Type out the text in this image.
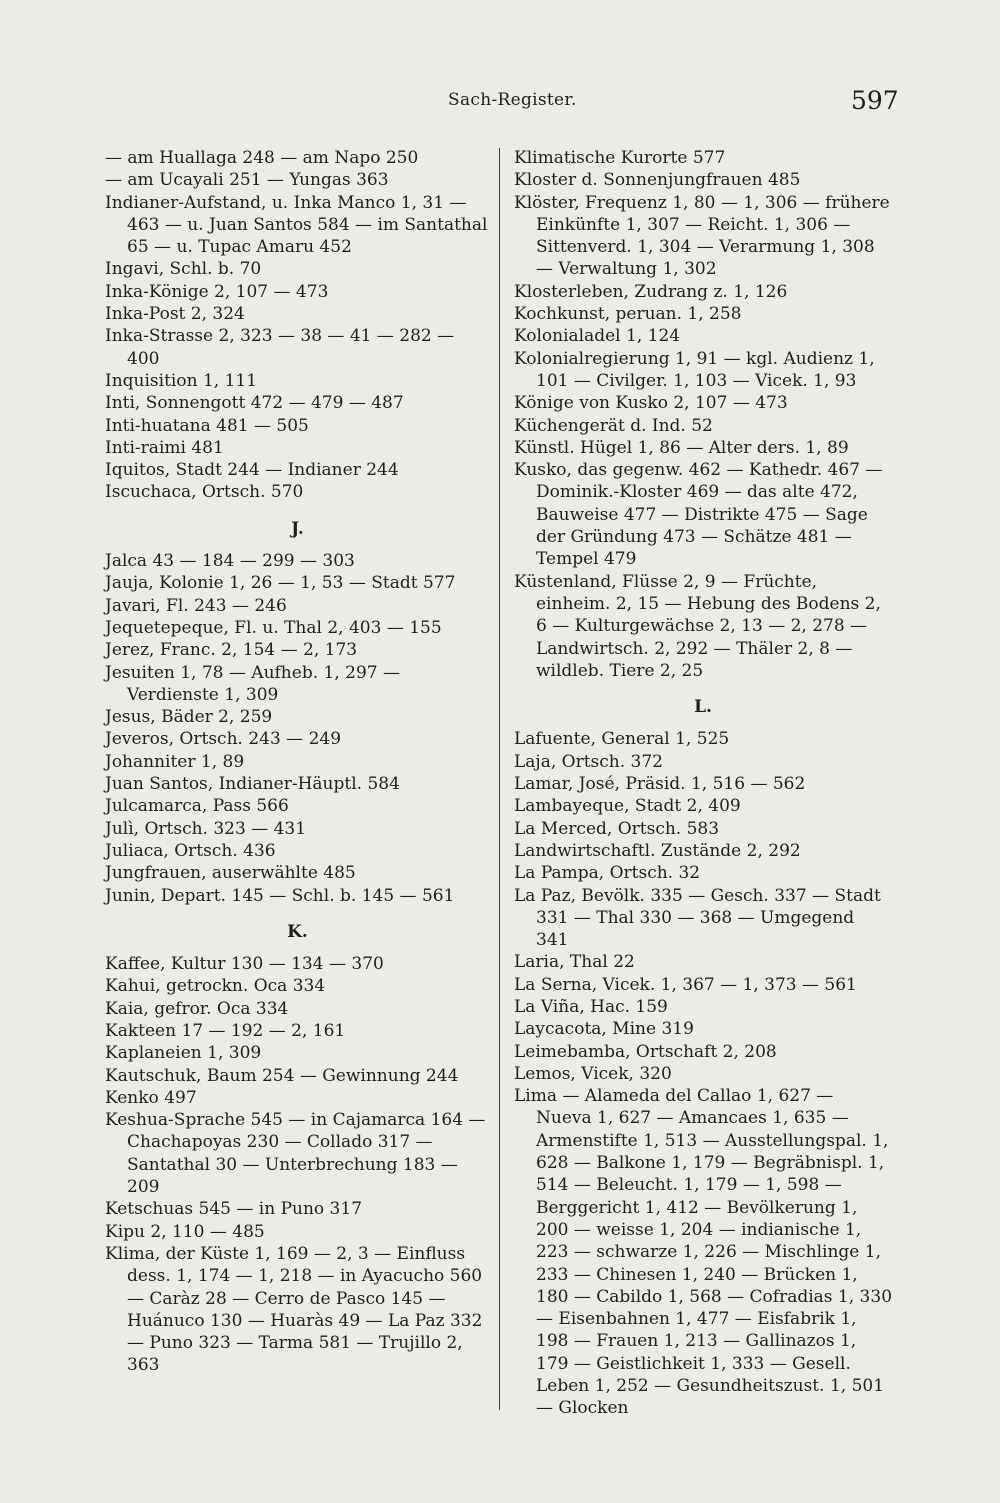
Sach-Register.	597
— am Huallaga 248 — am Napo 250
— am Ucayali 251 — Yungas 363
Indianer-Aufstand, u. Inka Manco 1, 31 — 463 — u. Juan Santos 584 — im Santathal 65 — u. Tupac Amaru 452
Ingavi, Schl. b. 70
Inka-Könige 2, 107 — 473
Inka-Post 2, 324
Inka-Strasse 2, 323 — 38 — 41 — 282 — 400
Inquisition 1, 111
Inti, Sonnengott 472 — 479 — 487
Inti-huatana 481 — 505
Inti-raimi 481
Iquitos, Stadt 244 — Indianer 244
Iscuchaca, Ortsch. 570
J.
Jalca 43 — 184 — 299 — 303
Jauja, Kolonie 1, 26 — 1, 53 — Stadt 577
Javari, Fl. 243 — 246
Jequetepeque, Fl. u. Thal 2, 403 — 155
Jerez, Franc. 2, 154 — 2, 173
Jesuiten 1, 78 — Aufheb. 1, 297 — Verdienste 1, 309
Jesus, Bäder 2, 259
Jeveros, Ortsch. 243 — 249
Johanniter 1, 89
Juan Santos, Indianer-Häuptl. 584
Julcamarca, Pass 566
Julì, Ortsch. 323 — 431
Juliaca, Ortsch. 436
Jungfrauen, auserwählte 485
Junin, Depart. 145 — Schl. b. 145 — 561
K.
Kaffee, Kultur 130 — 134 — 370
Kahui, getrockn. Oca 334
Kaia, gefror. Oca 334
Kakteen 17 — 192 — 2, 161
Kaplaneien 1, 309
Kautschuk, Baum 254 — Gewinnung 244
Kenko 497
Keshua-Sprache 545 — in Cajamarca 164 — Chachapoyas 230 — Collado 317 — Santathal 30 — Unterbrechung 183 — 209
Ketschuas 545 — in Puno 317
Kipu 2, 110 — 485
Klima, der Küste 1, 169 — 2, 3 — Einfluss dess. 1, 174 — 1, 218 — in Ayacucho 560 — Caràz 28 — Cerro de Pasco 145 — Huánuco 130 — Huaràs 49 — La Paz 332 — Puno 323 — Tarma 581 — Trujillo 2, 363
Klimatische Kurorte 577
Kloster d. Sonnenjungfrauen 485
Klöster, Frequenz 1, 80 — 1, 306 — frühere Einkünfte 1, 307 — Reicht. 1, 306 — Sittenverd. 1, 304 — Verarmung 1, 308 — Verwaltung 1, 302
Klosterleben, Zudrang z. 1, 126
Kochkunst, peruan. 1, 258
Kolonialadel 1, 124
Kolonialregierung 1, 91 — kgl. Audienz 1, 101 — Civilger. 1, 103 — Vicek. 1, 93
Könige von Kusko 2, 107 — 473
Küchengerät d. Ind. 52
Künstl. Hügel 1, 86 — Alter ders. 1, 89
Kusko, das gegenw. 462 — Kathedr. 467 — Dominik.-Kloster 469 — das alte 472, Bauweise 477 — Distrikte 475 — Sage der Gründung 473 — Schätze 481 — Tempel 479
Küstenland, Flüsse 2, 9 — Früchte, einheim. 2, 15 — Hebung des Bodens 2, 6 — Kulturgewächse 2, 13 — 2, 278 — Landwirtsch. 2, 292 — Thäler 2, 8 — wildleb. Tiere 2, 25
L.
Lafuente, General 1, 525
Laja, Ortsch. 372
Lamar, José, Präsid. 1, 516 — 562
Lambayeque, Stadt 2, 409
La Merced, Ortsch. 583
Landwirtschaftl. Zustände 2, 292
La Pampa, Ortsch. 32
La Paz, Bevölk. 335 — Gesch. 337 — Stadt 331 — Thal 330 — 368 — Umgegend 341
Laria, Thal 22
La Serna, Vicek. 1, 367 — 1, 373 — 561
La Viña, Hac. 159
Laycacota, Mine 319
Leimebamba, Ortschaft 2, 208
Lemos, Vicek, 320
Lima — Alameda del Callao 1, 627 — Nueva 1, 627 — Amancaes 1, 635 — Armenstifte 1, 513 — Ausstellungspal. 1, 628 — Balkone 1, 179 — Begräbnispl. 1, 514 — Beleucht. 1, 179 — 1, 598 — Berggericht 1, 412 — Bevölkerung 1, 200 — weisse 1, 204 — indianische 1, 223 — schwarze 1, 226 — Mischlinge 1, 233 — Chinesen 1, 240 — Brücken 1, 180 — Cabildo 1, 568 — Cofradias 1, 330 — Eisenbahnen 1, 477 — Eisfabrik 1, 198 — Frauen 1, 213 — Gallinazos 1, 179 — Geistlichkeit 1, 333 — Gesell. Leben 1, 252 — Gesundheitszust. 1, 501 — Glocken
